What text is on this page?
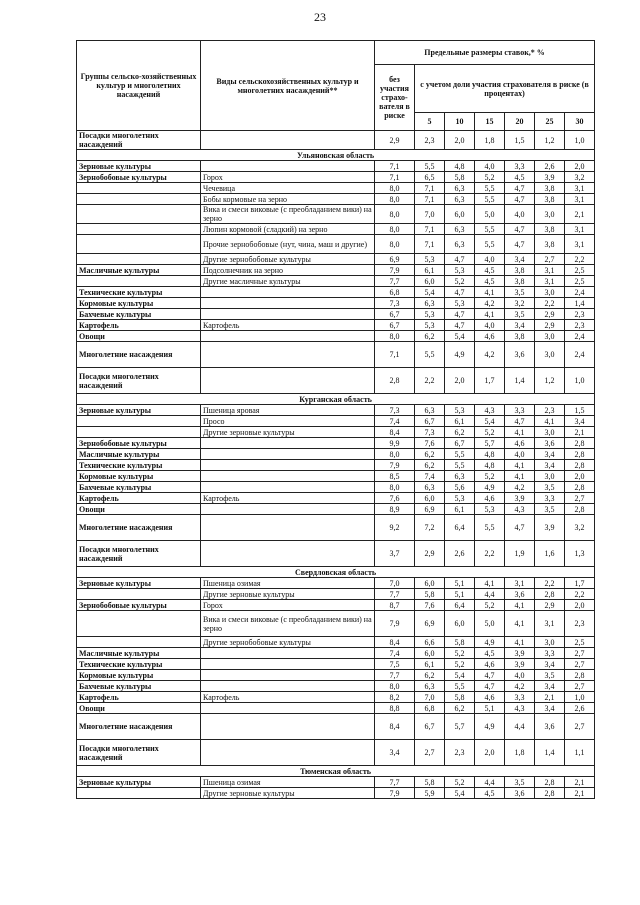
23
Группы сельско-хозяйственных культур и многолетних насаждений	Виды сельскохозяйственных культур и многолетних насаждений**	Предельные размеры ставок,* %						
		без участия страхо-вателя в риске	с учетом доли участия страхователя в риске (в процентах)					
			5	10	15	20	25	30
Посадки многолетних насаждений		2,9	2,3	2,0	1,8	1,5	1,2	1,0
Ульяновская область								
Зерновые культуры		7,1	5,5	4,8	4,0	3,3	2,6	2,0
Зернобобовые культуры	Горох	7,1	6,5	5,8	5,2	4,5	3,9	3,2
	Чечевица	8,0	7,1	6,3	5,5	4,7	3,8	3,1
	Бобы кормовые на зерно	8,0	7,1	6,3	5,5	4,7	3,8	3,1
	Вика и смеси виковые (с преобладанием вики) на зерно	8,0	7,0	6,0	5,0	4,0	3,0	2,1
	Люпин кормовой (сладкий) на зерно	8,0	7,1	6,3	5,5	4,7	3,8	3,1
	Прочие зернобобовые (нут, чина, маш и другие)	8,0	7,1	6,3	5,5	4,7	3,8	3,1
	Другие зернобобовые культуры	6,9	5,3	4,7	4,0	3,4	2,7	2,2
Масличные культуры	Подсолнечник на зерно	7,9	6,1	5,3	4,5	3,8	3,1	2,5
	Другие масличные культуры	7,7	6,0	5,2	4,5	3,8	3,1	2,5
Технические культуры		6,8	5,4	4,7	4,1	3,5	3,0	2,4
Кормовые культуры		7,3	6,3	5,3	4,2	3,2	2,2	1,4
Бахчевые культуры		6,7	5,3	4,7	4,1	3,5	2,9	2,3
Картофель	Картофель	6,7	5,3	4,7	4,0	3,4	2,9	2,3
Овощи		8,0	6,2	5,4	4,6	3,8	3,0	2,4
Многолетние насаждения		7,1	5,5	4,9	4,2	3,6	3,0	2,4
Посадки многолетних насаждений		2,8	2,2	2,0	1,7	1,4	1,2	1,0
Курганская область								
Зерновые культуры	Пшеница яровая	7,3	6,3	5,3	4,3	3,3	2,3	1,5
	Просо	7,4	6,7	6,1	5,4	4,7	4,1	3,4
	Другие зерновые культуры	8,4	7,3	6,2	5,2	4,1	3,0	2,1
Зернобобовые культуры		9,9	7,6	6,7	5,7	4,6	3,6	2,8
Масличные культуры		8,0	6,2	5,5	4,8	4,0	3,4	2,8
Технические культуры		7,9	6,2	5,5	4,8	4,1	3,4	2,8
Кормовые культуры		8,5	7,4	6,3	5,2	4,1	3,0	2,0
Бахчевые культуры		8,0	6,3	5,6	4,9	4,2	3,5	2,8
Картофель	Картофель	7,6	6,0	5,3	4,6	3,9	3,3	2,7
Овощи		8,9	6,9	6,1	5,3	4,3	3,5	2,8
Многолетние насаждения		9,2	7,2	6,4	5,5	4,7	3,9	3,2
Посадки многолетних насаждений		3,7	2,9	2,6	2,2	1,9	1,6	1,3
Свердловская область								
Зерновые культуры	Пшеница озимая	7,0	6,0	5,1	4,1	3,1	2,2	1,7
	Другие зерновые культуры	7,7	5,8	5,1	4,4	3,6	2,8	2,2
Зернобобовые культуры	Горох	8,7	7,6	6,4	5,2	4,1	2,9	2,0
	Вика и смеси виковые (с преобладанием вики) на зерно	7,9	6,9	6,0	5,0	4,1	3,1	2,3
	Другие зернобобовые культуры	8,4	6,6	5,8	4,9	4,1	3,0	2,5
Масличные культуры		7,4	6,0	5,2	4,5	3,9	3,3	2,7
Технические культуры		7,5	6,1	5,2	4,6	3,9	3,4	2,7
Кормовые культуры		7,7	6,2	5,4	4,7	4,0	3,5	2,8
Бахчевые культуры		8,0	6,3	5,5	4,7	4,2	3,4	2,7
Картофель	Картофель	8,2	7,0	5,8	4,6	3,3	2,1	1,0
Овощи		8,8	6,8	6,2	5,1	4,3	3,4	2,6
Многолетние насаждения		8,4	6,7	5,7	4,9	4,4	3,6	2,7
Посадки многолетних насаждений		3,4	2,7	2,3	2,0	1,8	1,4	1,1
Тюменская область								
Зерновые культуры	Пшеница озимая	7,7	5,8	5,2	4,4	3,5	2,8	2,1
	Другие зерновые культуры	7,9	5,9	5,4	4,5	3,6	2,8	2,1
